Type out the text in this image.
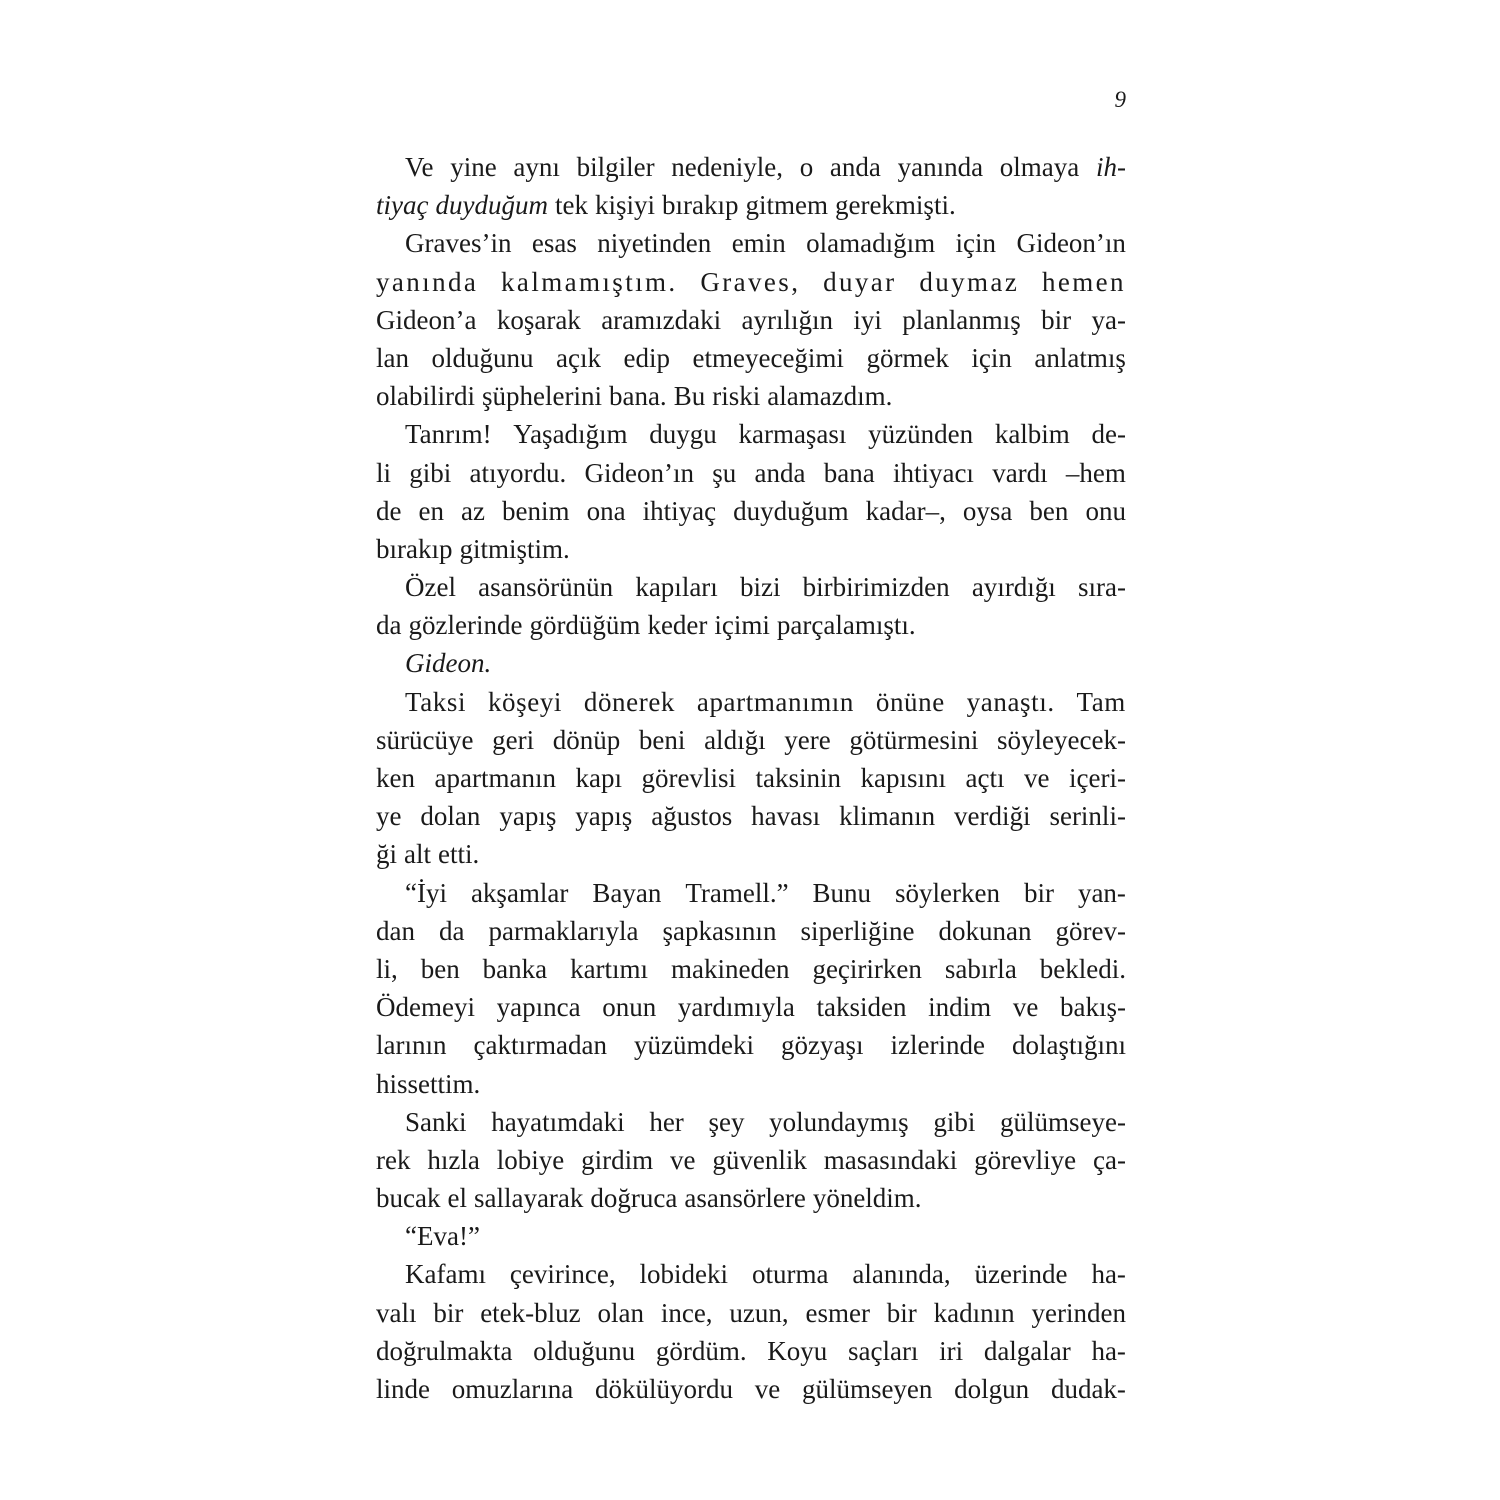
9
Ve yine aynı bilgiler nedeniyle, o anda yanında olmaya ih-
tiyaç duyduğum tek kişiyi bırakıp gitmem gerekmişti.
Graves’in esas niyetinden emin olamadığım için Gideon’ın
yanında kalmamıştım. Graves, duyar duymaz hemen
Gideon’a koşarak aramızdaki ayrılığın iyi planlanmış bir ya-
lan olduğunu açık edip etmeyeceğimi görmek için anlatmış
olabilirdi şüphelerini bana. Bu riski alamazdım.
Tanrım! Yaşadığım duygu karmaşası yüzünden kalbim de-
li gibi atıyordu. Gideon’ın şu anda bana ihtiyacı vardı –hem
de en az benim ona ihtiyaç duyduğum kadar–, oysa ben onu
bırakıp gitmiştim.
Özel asansörünün kapıları bizi birbirimizden ayırdığı sıra-
da gözlerinde gördüğüm keder içimi parçalamıştı.
Gideon.
Taksi köşeyi dönerek apartmanımın önüne yanaştı. Tam
sürücüye geri dönüp beni aldığı yere götürmesini söyleyecek-
ken apartmanın kapı görevlisi taksinin kapısını açtı ve içeri-
ye dolan yapış yapış ağustos havası klimanın verdiği serinli-
ği alt etti.
“İyi akşamlar Bayan Tramell.” Bunu söylerken bir yan-
dan da parmaklarıyla şapkasının siperliğine dokunan görev-
li, ben banka kartımı makineden geçirirken sabırla bekledi.
Ödemeyi yapınca onun yardımıyla taksiden indim ve bakış-
larının çaktırmadan yüzümdeki gözyaşı izlerinde dolaştığını
hissettim.
Sanki hayatımdaki her şey yolundaymış gibi gülümseye-
rek hızla lobiye girdim ve güvenlik masasındaki görevliye ça-
bucak el sallayarak doğruca asansörlere yöneldim.
“Eva!”
Kafamı çevirince, lobideki oturma alanında, üzerinde ha-
valı bir etek-bluz olan ince, uzun, esmer bir kadının yerinden
doğrulmakta olduğunu gördüm. Koyu saçları iri dalgalar ha-
linde omuzlarına dökülüyordu ve gülümseyen dolgun dudak-
